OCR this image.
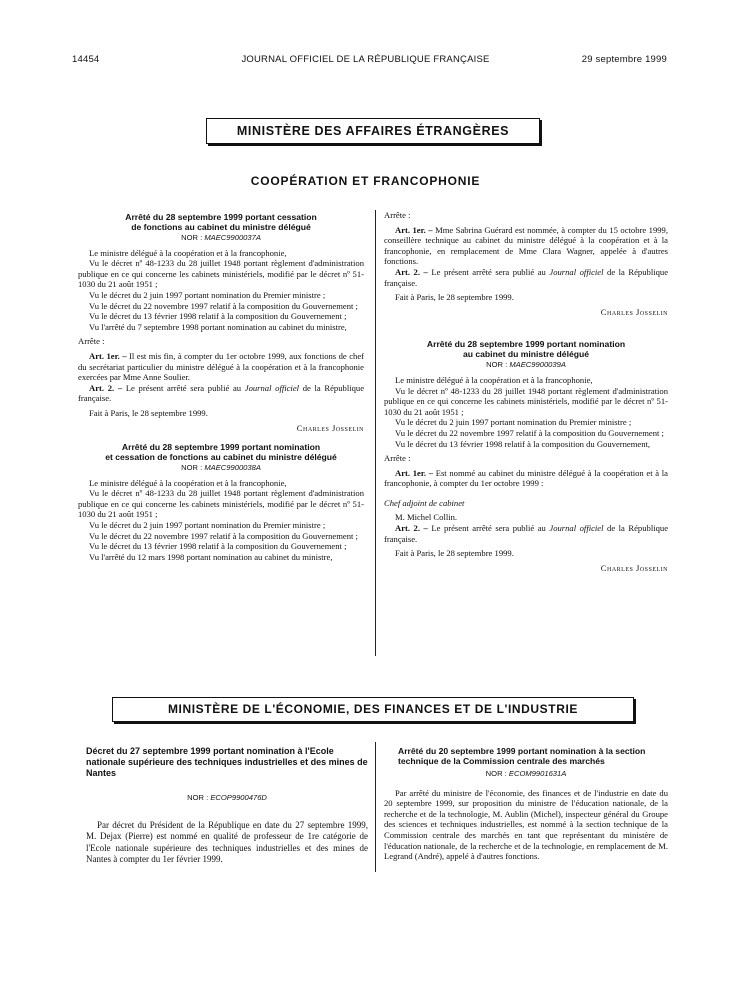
14454	JOURNAL OFFICIEL DE LA RÉPUBLIQUE FRANÇAISE	29 septembre 1999
MINISTÈRE DES AFFAIRES ÉTRANGÈRES
COOPÉRATION ET FRANCOPHONIE
Arrêté du 28 septembre 1999 portant cessation
de fonctions au cabinet du ministre délégué
NOR : MAEC9900037A

Le ministre délégué à la coopération et à la francophonie,

Vu le décret nº 48-1233 du 28 juillet 1948 portant règlement d'administration publique en ce qui concerne les cabinets ministériels, modifié par le décret nº 51-1030 du 21 août 1951 ;

Vu le décret du 2 juin 1997 portant nomination du Premier ministre ;

Vu le décret du 22 novembre 1997 relatif à la composition du Gouvernement ;

Vu le décret du 13 février 1998 relatif à la composition du Gouvernement ;

Vu l'arrêté du 7 septembre 1998 portant nomination au cabinet du ministre,

Arrête :

Art. 1er. – Il est mis fin, à compter du 1er octobre 1999, aux fonctions de chef du secrétariat particulier du ministre délégué à la coopération et à la francophonie exercées par Mme Anne Soulier.

Art. 2. – Le présent arrêté sera publié au Journal officiel de la République française.

Fait à Paris, le 28 septembre 1999.

Charles Josselin

Arrêté du 28 septembre 1999 portant nomination
et cessation de fonctions au cabinet du ministre délégué
NOR : MAEC9900038A

Le ministre délégué à la coopération et à la francophonie,

Vu le décret nº 48-1233 du 28 juillet 1948 portant règlement d'administration publique en ce qui concerne les cabinets ministériels, modifié par le décret nº 51-1030 du 21 août 1951 ;

Vu le décret du 2 juin 1997 portant nomination du Premier ministre ;

Vu le décret du 22 novembre 1997 relatif à la composition du Gouvernement ;

Vu le décret du 13 février 1998 relatif à la composition du Gouvernement ;

Vu l'arrêté du 12 mars 1998 portant nomination au cabinet du ministre,

Arrête :

Art. 1er. – Mme Sabrina Guérard est nommée, à compter du 15 octobre 1999, conseillère technique au cabinet du ministre délégué à la coopération et à la francophonie, en remplacement de Mme Clara Wagner, appelée à d'autres fonctions.

Art. 2. – Le présent arrêté sera publié au Journal officiel de la République française.

Fait à Paris, le 28 septembre 1999.

Charles Josselin

Arrêté du 28 septembre 1999 portant nomination
au cabinet du ministre délégué
NOR : MAEC9900039A

Le ministre délégué à la coopération et à la francophonie,

Vu le décret nº 48-1233 du 28 juillet 1948 portant règlement d'administration publique en ce qui concerne les cabinets ministériels, modifié par le décret nº 51-1030 du 21 août 1951 ;

Vu le décret du 2 juin 1997 portant nomination du Premier ministre ;

Vu le décret du 22 novembre 1997 relatif à la composition du Gouvernement ;

Vu le décret du 13 février 1998 relatif à la composition du Gouvernement,

Arrête :

Art. 1er. – Est nommé au cabinet du ministre délégué à la coopération et à la francophonie, à compter du 1er octobre 1999 :

Chef adjoint de cabinet

M. Michel Collin.

Art. 2. – Le présent arrêté sera publié au Journal officiel de la République française.

Fait à Paris, le 28 septembre 1999.

Charles Josselin

MINISTÈRE DE L'ÉCONOMIE, DES FINANCES ET DE L'INDUSTRIE
Décret du 27 septembre 1999 portant nomination à l'Ecole nationale supérieure des techniques industrielles et des mines de Nantes
NOR : ECOP9900476D

Par décret du Président de la République en date du 27 septembre 1999, M. Dejax (Pierre) est nommé en qualité de professeur de 1re catégorie de l'Ecole nationale supérieure des techniques industrielles et des mines de Nantes à compter du 1er février 1999.

Arrêté du 20 septembre 1999 portant nomination à la section technique de la Commission centrale des marchés
NOR : ECOM9901631A

Par arrêté du ministre de l'économie, des finances et de l'industrie en date du 20 septembre 1999, sur proposition du ministre de l'éducation nationale, de la recherche et de la technologie, M. Aublin (Michel), inspecteur général du Groupe des sciences et techniques industrielles, est nommé à la section technique de la Commission centrale des marchés en tant que représentant du ministère de l'éducation nationale, de la recherche et de la technologie, en remplacement de M. Legrand (André), appelé à d'autres fonctions.
